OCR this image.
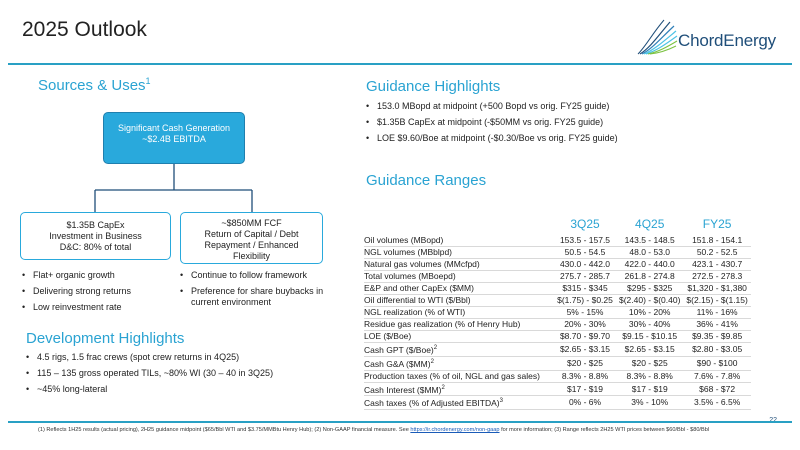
2025 Outlook	ChordEnergy
Sources & Uses$^1$
Significant Cash Generation
~$2.4B EBITDA
$1.35B CapEx
Investment in Business
D&C: 80% of total
~$850MM FCF
Return of Capital / Debt
Repayment / Enhanced
Flexibility
• Flat+ organic growth
• Delivering strong returns
• Low reinvestment rate
• Continue to follow framework
• Preference for share buybacks in current environment
Development Highlights
• 4.5 rigs, 1.5 frac crews (spot crew returns in 4Q25)
• 115 – 135 gross operated TILs, ~80% WI (30 – 40 in 3Q25)
• ~45% long-lateral
Guidance Highlights
• 153.0 MBopd at midpoint (+500 Bopd vs orig. FY25 guide)
• $1.35B CapEx at midpoint (-$50MM vs orig. FY25 guide)
• LOE $9.60/Boe at midpoint (-$0.30/Boe vs orig. FY25 guide)
Guidance Ranges
	3Q25	4Q25	FY25
Oil volumes (MBopd)	153.5 - 157.5	143.5 - 148.5	151.8 - 154.1
NGL volumes (MBblpd)	50.5 - 54.5	48.0 - 53.0	50.2 - 52.5
Natural gas volumes (MMcfpd)	430.0 - 442.0	422.0 - 440.0	423.1 - 430.7
Total volumes (MBoepd)	275.7 - 285.7	261.8 - 274.8	272.5 - 278.3
E&P and other CapEx ($MM)	$315 - $345	$295 - $325	$1,320 - $1,380
Oil differential to WTI ($/Bbl)	$(1.75) - $0.25	$(2.40) - $(0.40)	$(2.15) - $(1.15)
NGL realization (% of WTI)	5% - 15%	10% - 20%	11% - 16%
Residue gas realization (% of Henry Hub)	20% - 30%	30% - 40%	36% - 41%
LOE ($/Boe)	$8.70 - $9.70	$9.15 - $10.15	$9.35 - $9.85
Cash GPT ($/Boe)$^2$	$2.65 - $3.15	$2.65 - $3.15	$2.80 - $3.05
Cash G&A ($MM)$^2$	$20 - $25	$20 - $25	$90 - $100
Production taxes (% of oil, NGL and gas sales)	8.3% - 8.8%	8.3% - 8.8%	7.6% - 7.8%
Cash Interest ($MM)$^2$	$17 - $19	$17 - $19	$68 - $72
Cash taxes (% of Adjusted EBITDA)$^3$	0% - 6%	3% - 10%	3.5% - 6.5%
(1) Reflects 1H25 results (actual pricing), 2H25 guidance midpoint ($65/Bbl WTI and $3.75/MMBtu Henry Hub); (2) Non-GAAP financial measure. See https://ir.chordenergy.com/non-gaap for more information; (3) Range reflects 2H25 WTI prices between $60/Bbl - $80/Bbl
